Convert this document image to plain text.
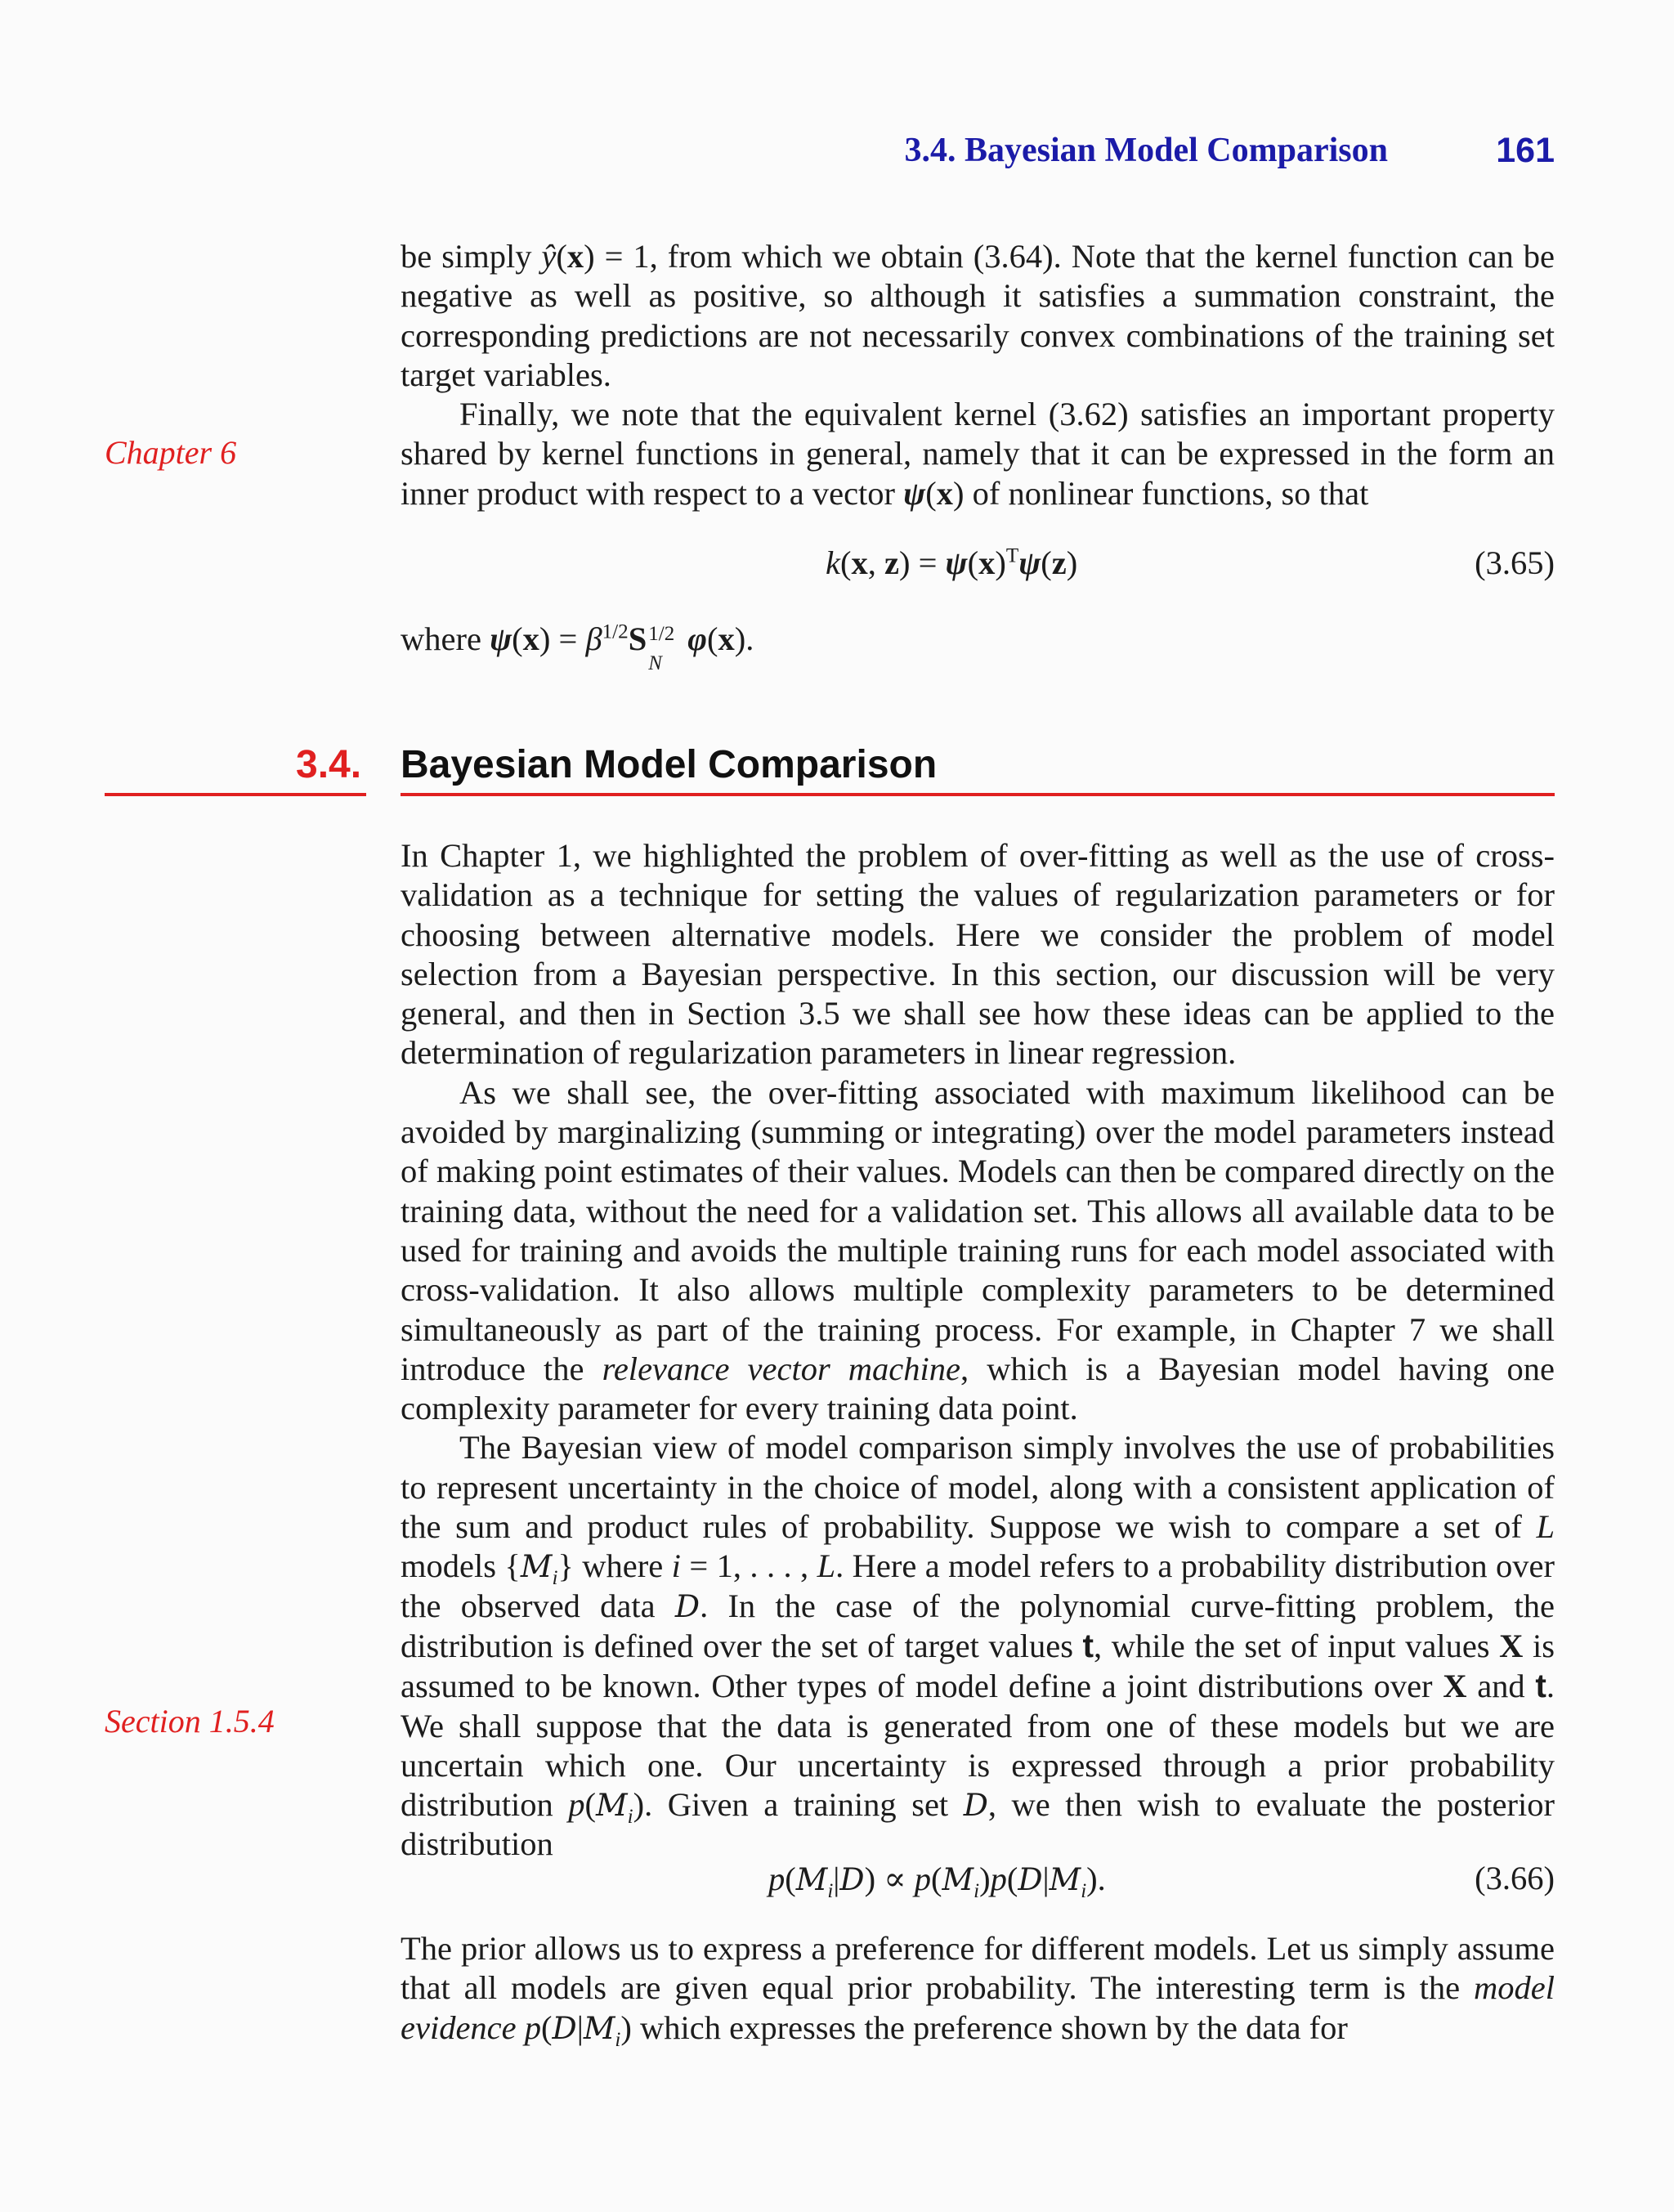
3.4. Bayesian Model Comparison	161

be simply ŷ(x) = 1, from which we obtain (3.64). Note that the kernel function can be negative as well as positive, so although it satisfies a summation constraint, the corresponding predictions are not necessarily convex combinations of the training set target variables.

Finally, we note that the equivalent kernel (3.62) satisfies an important property shared by kernel functions in general, namely that it can be expressed in the form an inner product with respect to a vector ψ(x) of nonlinear functions, so that

Chapter 6
k(x, $z) = \psi(x)^T\psi(z)$	(3.65)

where $\psi(x) = \beta^{1/2}S$ 1/2
N
φ(x).

3.4. Bayesian Model Comparison

In Chapter 1, we highlighted the problem of over-fitting as well as the use of cross-validation as a technique for setting the values of regularization parameters or for choosing between alternative models. Here we consider the problem of model selection from a Bayesian perspective. In this section, our discussion will be very general, and then in Section 3.5 we shall see how these ideas can be applied to the determination of regularization parameters in linear regression.

As we shall see, the over-fitting associated with maximum likelihood can be avoided by marginalizing (summing or integrating) over the model parameters instead of making point estimates of their values. Models can then be compared directly on the training data, without the need for a validation set. This allows all available data to be used for training and avoids the multiple training runs for each model associated with cross-validation. It also allows multiple complexity parameters to be determined simultaneously as part of the training process. For example, in Chapter 7 we shall introduce the relevance vector machine, which is a Bayesian model having one complexity parameter for every training data point.

The Bayesian view of model comparison simply involves the use of probabilities to represent uncertainty in the choice of model, along with a consistent application of the sum and product rules of probability. Suppose we wish to compare a set of L models $\{M_i\}$ where i = 1, . . . , L. Here a model refers to a probability distribution over the observed data D. In the case of the polynomial curve-fitting problem, the distribution is defined over the set of target values t, while the set of input values X is assumed to be known. Other types of model define a joint distributions over X and t. We shall suppose that the data is generated from one of these models but we are uncertain which one. Our uncertainty is expressed through a prior probability distribution $p(M_i)$. Given a training set D, we then wish to evaluate the posterior distribution

Section 1.5.4
$p(M_i|D) \propto p(M_i)p(D|M_i)$.	(3.66)

The prior allows us to express a preference for different models. Let us simply assume that all models are given equal prior probability. The interesting term is the model evidence $p(D|M_i)$ which expresses the preference shown by the data for
